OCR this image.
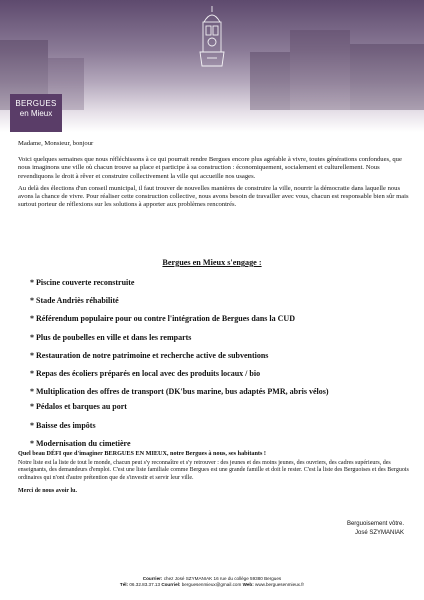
BERGUES
en Mieux

Madame, Monsieur, bonjour

Voici quelques semaines que nous réfléchissons à ce qui pourrait rendre Bergues encore plus agréable à vivre, toutes générations confondues, que nous imaginons une ville où chacun trouve sa place et participe à sa construction : économiquement, socialement et culturellement. Nous revendiquons le droit à rêver et construire collectivement la ville qui accueille nos usages.

Au delà des élections d'un conseil municipal, il faut trouver de nouvelles manières de construire la ville, nourrir la démocratie dans laquelle nous avons la chance de vivre. Pour réaliser cette construction collective, nous avons besoin de travailler avec vous, chacun est responsable bien sûr mais surtout porteur de réflexions sur les solutions à apporter aux problèmes rencontrés.

Bergues en Mieux s'engage :
* Piscine couverte reconstruite
* Stade Andriès réhabilité
* Référendum populaire pour ou contre l'intégration de Bergues dans la CUD
* Plus de poubelles en ville et dans les remparts
* Restauration de notre patrimoine et recherche active de subventions
* Repas des écoliers préparés en local avec des produits locaux / bio
* Multiplication des offres de transport (DK'bus marine, bus adaptés PMR, abris vélos)
* Pédalos et barques au port
* Baisse des impôts
* Modernisation du cimetière
Quel beau DÉFI que d'imaginer BERGUES EN MIEUX, notre Bergues à nous, ses habitants !
Notre liste est la liste de tout le monde, chacun peut s'y reconnaître et s'y retrouver : des jeunes et des moins jeunes, des ouvriers, des cadres supérieurs, des enseignants, des demandeurs d'emploi. C'est une liste familiale comme Bergues est une grande famille et doit le rester. C'est la liste des Berguoises et des Berguois ordinaires qui n'ont d'autre prétention que de s'investir et servir leur ville.
Merci de nous avoir lu.
Berguoisement vôtre.
José SZYMANIAK
Courrier: chez José SZYMANIAK 16 rue du collège 59380 Bergues
Tél: 06.32.83.37.13 Courriel: berguesenmieux@gmail.com Web: www.berguesenmieux.fr
